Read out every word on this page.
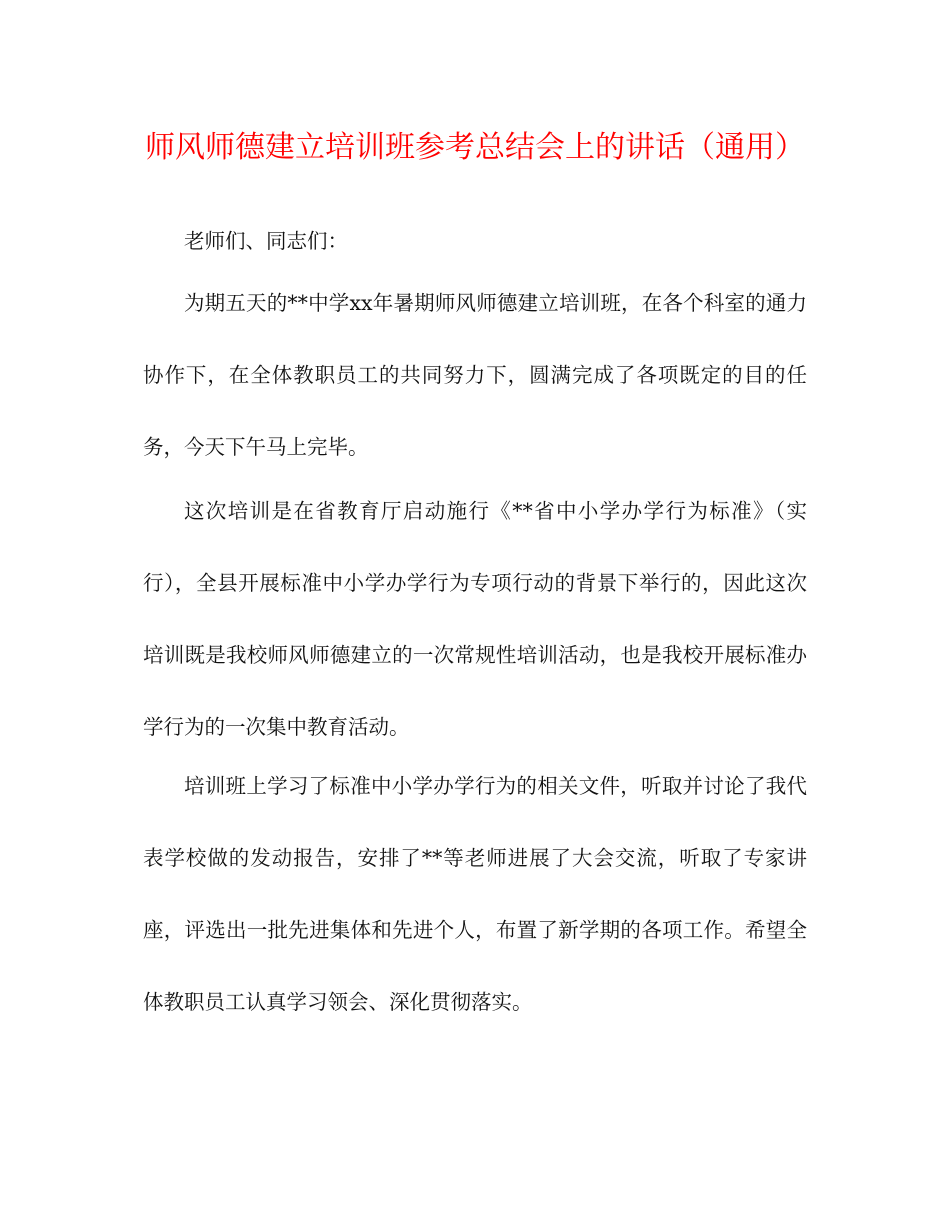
师风师德建立培训班参考总结会上的讲话（通用）

老师们、同志们：

为期五天的**中学xx年暑期师风师德建立培训班，在各个科室的通力协作下，在全体教职员工的共同努力下，圆满完成了各项既定的目的任务，今天下午马上完毕。

这次培训是在省教育厅启动施行《**省中小学办学行为标准》（实行），全县开展标准中小学办学行为专项行动的背景下举行的，因此这次培训既是我校师风师德建立的一次常规性培训活动，也是我校开展标准办学行为的一次集中教育活动。

培训班上学习了标准中小学办学行为的相关文件，听取并讨论了我代表学校做的发动报告，安排了**等老师进展了大会交流，听取了专家讲座，评选出一批先进集体和先进个人，布置了新学期的各项工作。希望全体教职员工认真学习领会、深化贯彻落实。
